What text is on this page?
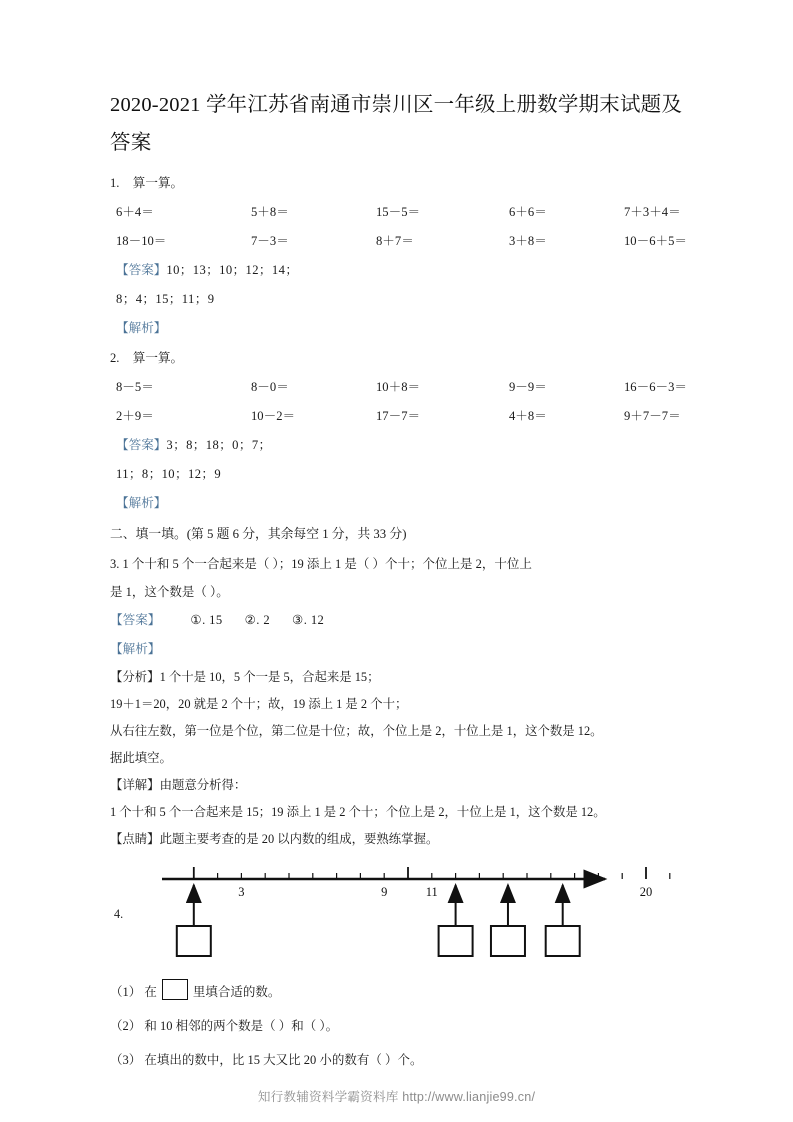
2020-2021 学年江苏省南通市崇川区一年级上册数学期末试题及答案
1. 算一算。
6＋4＝	5＋8＝	15－5＝	6＋6＝	7＋3＋4＝
18－10＝	7－3＝	8＋7＝	3＋8＝	10－6＋5＝
【答案】10；13；10；12；14；
8；4；15；11；9
【解析】
2. 算一算。
8－5＝	8－0＝	10＋8＝	9－9＝	16－6－3＝
2＋9＝	10－2＝	17－7＝	4＋8＝	9＋7－7＝
【答案】3；8；18；0；7；
11；8；10；12；9
【解析】
二、填一填。(第 5 题 6 分，其余每空 1 分，共 33 分)
3. 1 个十和 5 个一合起来是（ ）；19 添上 1 是（ ）个十；个位上是 2，十位上
是 1，这个数是（ ）。
【答案】 ①. 15 ②. 2 ③. 12
【解析】
【分析】1 个十是 10，5 个一是 5，合起来是 15；
19＋1＝20，20 就是 2 个十；故，19 添上 1 是 2 个十；
从右往左数，第一位是个位，第二位是十位；故，个位上是 2，十位上是 1，这个数是 12。
据此填空。
【详解】由题意分析得：
1 个十和 5 个一合起来是 15；19 添上 1 是 2 个十；个位上是 2，十位上是 1，这个数是 12。
【点睛】此题主要考查的是 20 以内数的组成，要熟练掌握。
4.
3	9	11	20
（1） 在	里填合适的数。
（2） 和 10 相邻的两个数是（ ）和（ ）。
（3） 在填出的数中，比 15 大又比 20 小的数有（ ）个。
知行教辅资料学霸资料库 http://www.lianjie99.cn/
